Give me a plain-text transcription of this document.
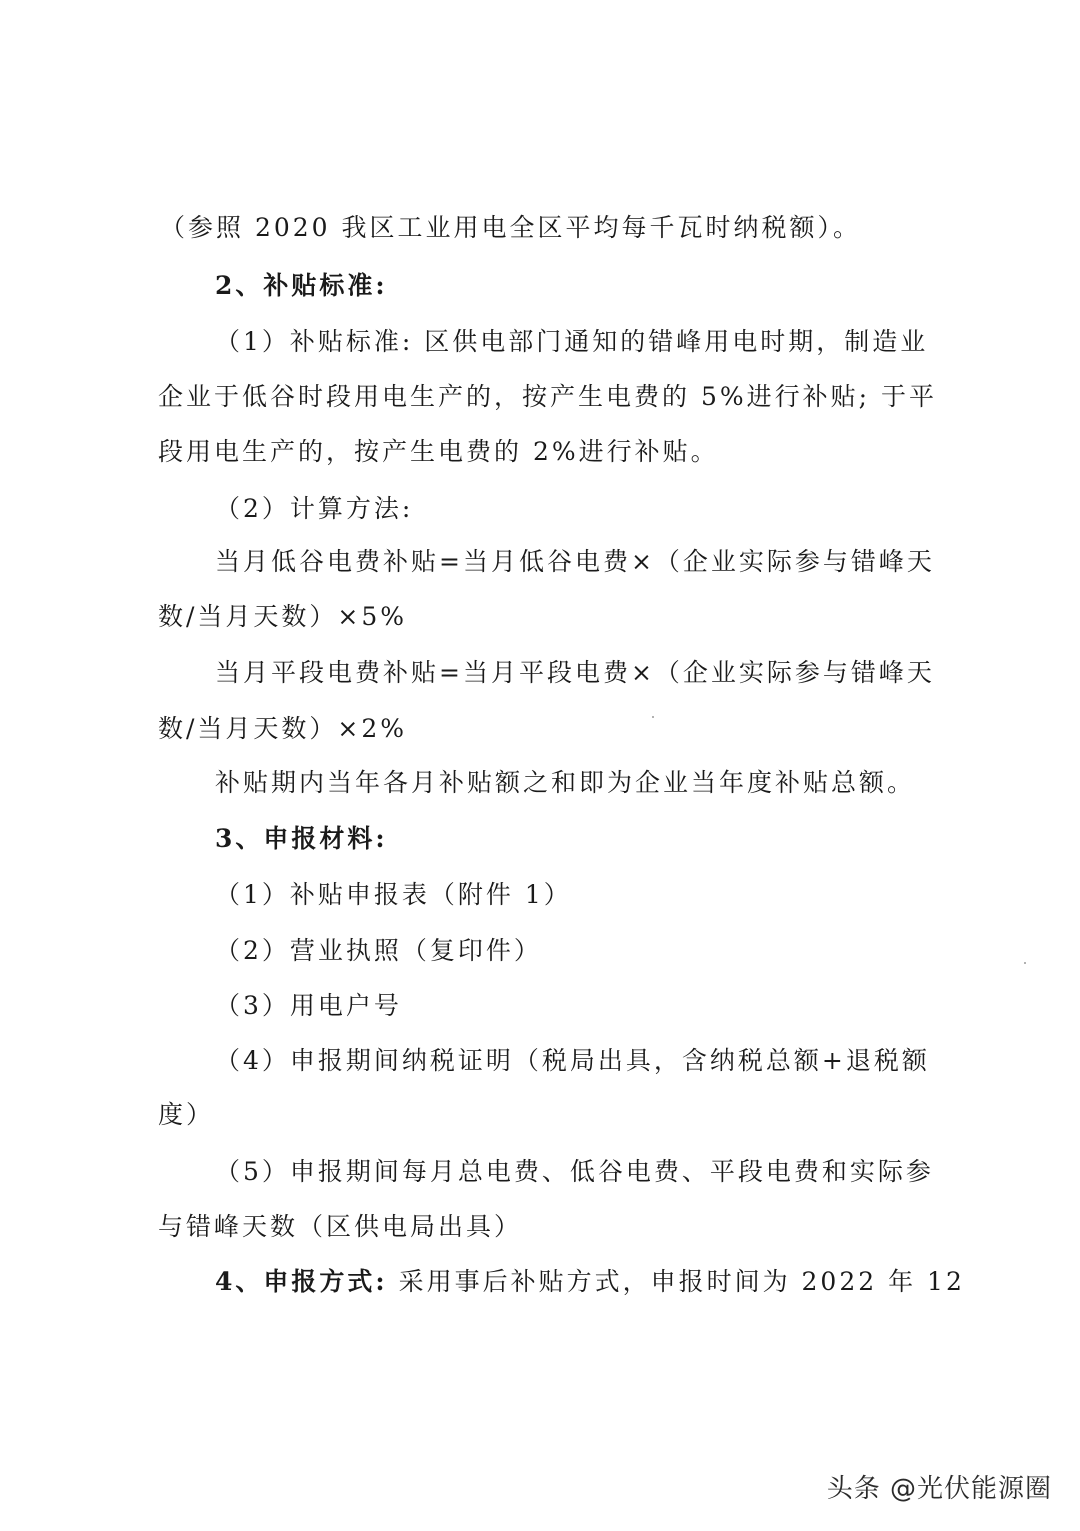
（参照 2020 我区工业用电全区平均每千瓦时纳税额）。
2、补贴标准:
（1）补贴标准: 区供电部门通知的错峰用电时期，制造业
企业于低谷时段用电生产的，按产生电费的 5%进行补贴; 于平
段用电生产的，按产生电费的 2%进行补贴。
（2）计算方法:
当月低谷电费补贴=当月低谷电费×（企业实际参与错峰天
数/当月天数）×5%
当月平段电费补贴=当月平段电费×（企业实际参与错峰天
数/当月天数）×2%
补贴期内当年各月补贴额之和即为企业当年度补贴总额。
3、申报材料:
（1）补贴申报表（附件 1）
（2）营业执照（复印件）
（3）用电户号
（4）申报期间纳税证明（税局出具，含纳税总额+退税额
度）
（5）申报期间每月总电费、低谷电费、平段电费和实际参
与错峰天数（区供电局出具）
4、申报方式: 采用事后补贴方式，申报时间为 2022 年 12
头条 @光伏能源圈
